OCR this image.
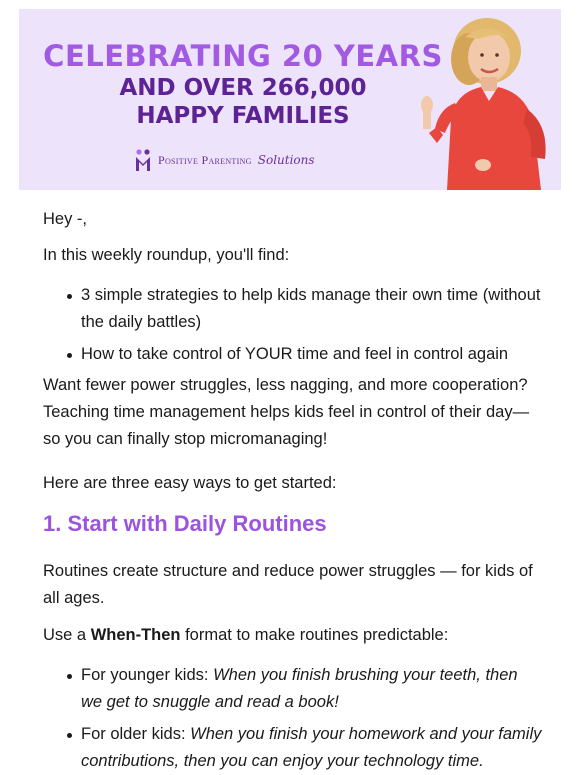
CELEBRATING 20 YEARS
AND OVER 266,000
HAPPY FAMILIES
Positive Parenting Solutions

Hey -,

In this weekly roundup, you'll find:

3 simple strategies to help kids manage their own time (without the daily battles)
How to take control of YOUR time and feel in control again

Want fewer power struggles, less nagging, and more cooperation? Teaching time management helps kids feel in control of their day—so you can finally stop micromanaging!

Here are three easy ways to get started:

1. Start with Daily Routines

Routines create structure and reduce power struggles — for kids of all ages.

Use a When-Then format to make routines predictable:

For younger kids: When you finish brushing your teeth, then we get to snuggle and read a book!
For older kids: When you finish your homework and your family contributions, then you can enjoy your technology time.
